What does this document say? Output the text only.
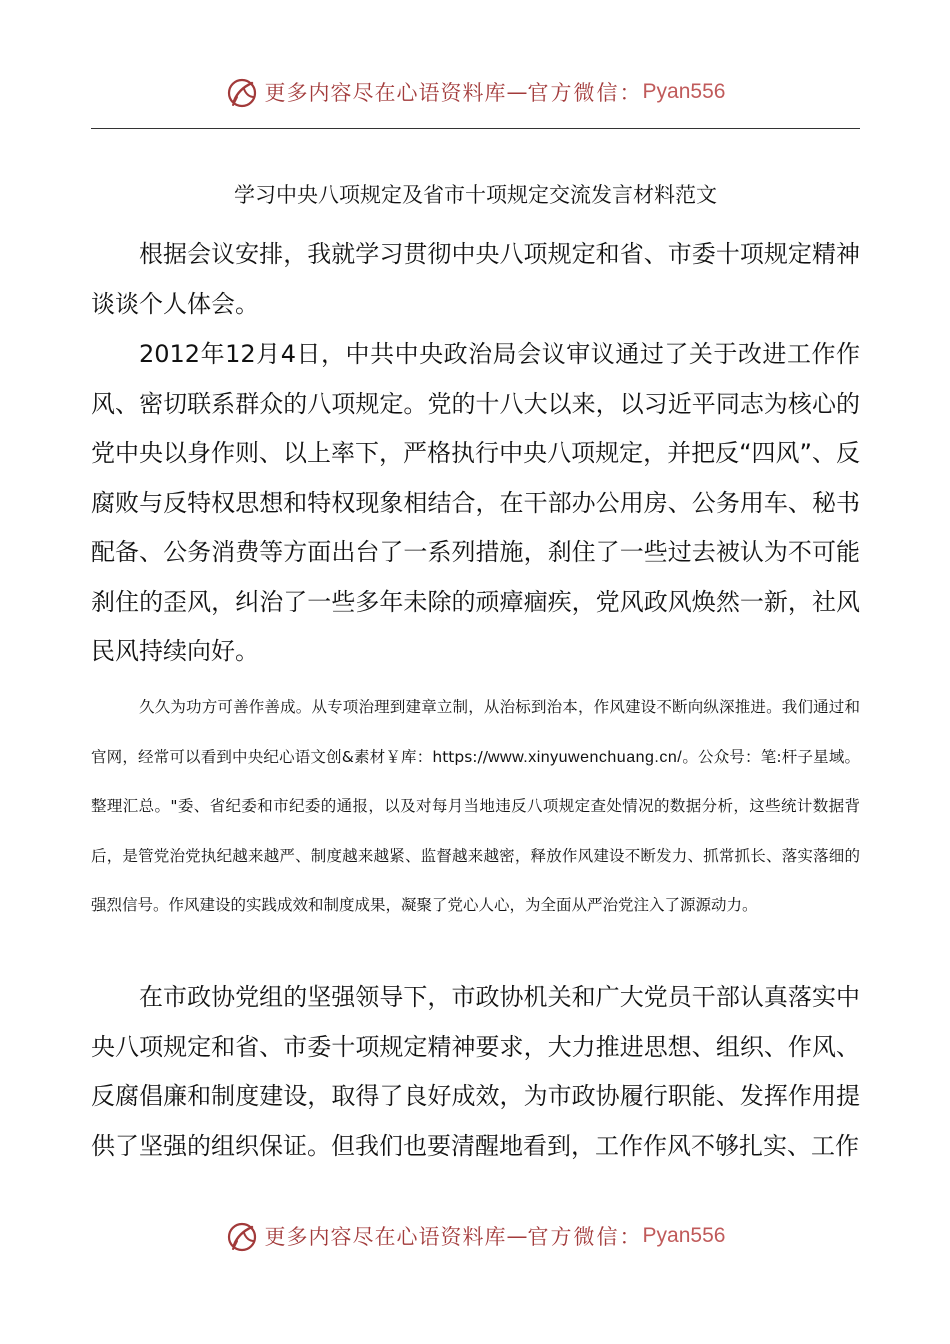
更多内容尽在心语资料库 — 官方微信： Pyan556
学习中央八项规定及省市十项规定交流发言材料范文

根据会议安排，我就学习贯彻中央八项规定和省、市委十项规定精神谈谈个人体会。

2012年12月4日，中共中央政治局会议审议通过了关于改进工作作风、密切联系群众的八项规定。党的十八大以来，以习近平同志为核心的党中央以身作则、以上率下，严格执行中央八项规定，并把反“四风”、反腐败与反特权思想和特权现象相结合，在干部办公用房、公务用车、秘书配备、公务消费等方面出台了一系列措施，刹住了一些过去被认为不可能刹住的歪风，纠治了一些多年未除的顽瘴痼疾，党风政风焕然一新，社风民风持续向好。

久久为功方可善作善成。从专项治理到建章立制，从治标到治本，作风建设不断向纵深推进。我们通过和官网，经常可以看到中央纪心语文创&素材￥库：https://www.xinyuwenchuang.cn/。公众号：笔:杆子星域。整理汇总。"委、省纪委和市纪委的通报，以及对每月当地违反八项规定查处情况的数据分析，这些统计数据背后，是管党治党执纪越来越严、制度越来越紧、监督越来越密，释放作风建设不断发力、抓常抓长、落实落细的强烈信号。作风建设的实践成效和制度成果，凝聚了党心人心，为全面从严治党注入了源源动力。

在市政协党组的坚强领导下，市政协机关和广大党员干部认真落实中央八项规定和省、市委十项规定精神要求，大力推进思想、组织、作风、反腐倡廉和制度建设，取得了良好成效，为市政协履行职能、发挥作用提供了坚强的组织保证。但我们也要清醒地看到，工作作风不够扎实、工作

更多内容尽在心语资料库 — 官方微信： Pyan556
